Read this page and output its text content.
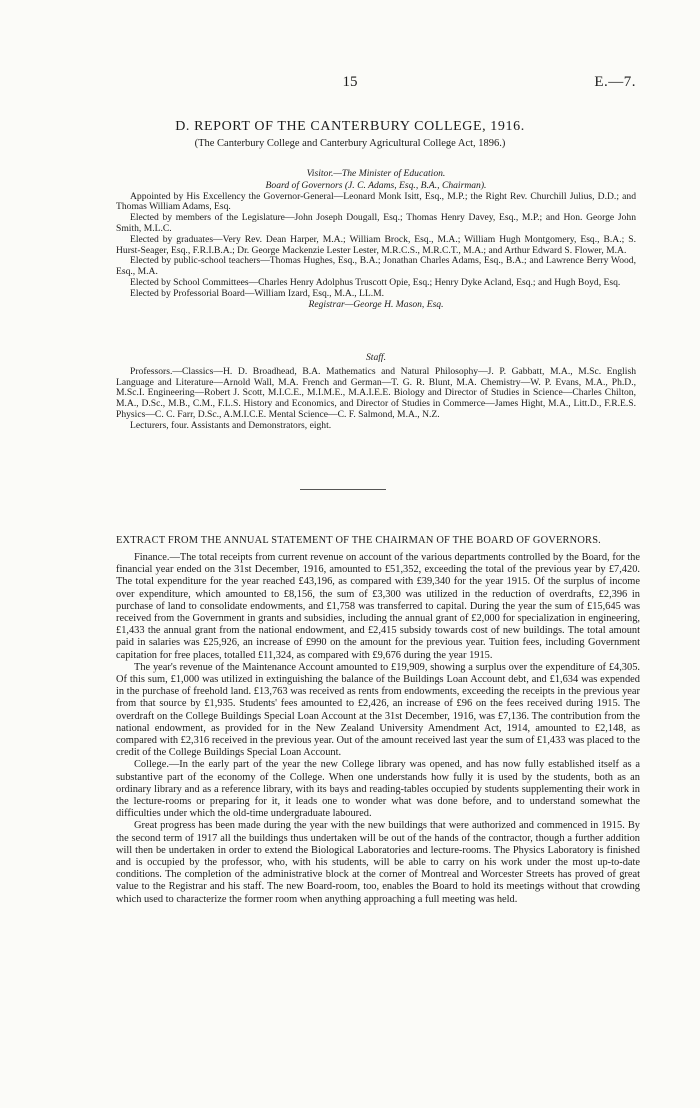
15	E.—7.
D. REPORT OF THE CANTERBURY COLLEGE, 1916.
(The Canterbury College and Canterbury Agricultural College Act, 1896.)

Visitor.—The Minister of Education.

Board of Governors (J. C. Adams, Esq., B.A., Chairman).

Appointed by His Excellency the Governor-General—Leonard Monk Isitt, Esq., M.P.; the Right Rev. Churchill Julius, D.D.; and Thomas William Adams, Esq.

Elected by members of the Legislature—John Joseph Dougall, Esq.; Thomas Henry Davey, Esq., M.P.; and Hon. George John Smith, M.L.C.

Elected by graduates—Very Rev. Dean Harper, M.A.; William Brock, Esq., M.A.; William Hugh Montgomery, Esq., B.A.; S. Hurst-Seager, Esq., F.R.I.B.A.; Dr. George Mackenzie Lester Lester, M.R.C.S., M.R.C.T., M.A.; and Arthur Edward S. Flower, M.A.

Elected by public-school teachers—Thomas Hughes, Esq., B.A.; Jonathan Charles Adams, Esq., B.A.; and Lawrence Berry Wood, Esq., M.A.

Elected by School Committees—Charles Henry Adolphus Truscott Opie, Esq.; Henry Dyke Acland, Esq.; and Hugh Boyd, Esq.

Elected by Professorial Board—William Izard, Esq., M.A., LL.M.

Registrar—George H. Mason, Esq.

Staff.

Professors.—Classics—H. D. Broadhead, B.A. Mathematics and Natural Philosophy—J. P. Gabbatt, M.A., M.Sc. English Language and Literature—Arnold Wall, M.A. French and German—T. G. R. Blunt, M.A. Chemistry—W. P. Evans, M.A., Ph.D., M.Sc.I. Engineering—Robert J. Scott, M.I.C.E., M.I.M.E., M.A.I.E.E. Biology and Director of Studies in Science—Charles Chilton, M.A., D.Sc., M.B., C.M., F.L.S. History and Economics, and Director of Studies in Commerce—James Hight, M.A., Litt.D., F.R.E.S. Physics—C. C. Farr, D.Sc., A.M.I.C.E. Mental Science—C. F. Salmond, M.A., N.Z.

Lecturers, four. Assistants and Demonstrators, eight.

EXTRACT FROM THE ANNUAL STATEMENT OF THE CHAIRMAN OF THE BOARD OF GOVERNORS.

Finance.—The total receipts from current revenue on account of the various departments controlled by the Board, for the financial year ended on the 31st December, 1916, amounted to £51,352, exceeding the total of the previous year by £7,420. The total expenditure for the year reached £43,196, as compared with £39,340 for the year 1915. Of the surplus of income over expenditure, which amounted to £8,156, the sum of £3,300 was utilized in the reduction of overdrafts, £2,396 in purchase of land to consolidate endowments, and £1,758 was transferred to capital. During the year the sum of £15,645 was received from the Government in grants and subsidies, including the annual grant of £2,000 for specialization in engineering, £1,433 the annual grant from the national endowment, and £2,415 subsidy towards cost of new buildings. The total amount paid in salaries was £25,926, an increase of £990 on the amount for the previous year. Tuition fees, including Government capitation for free places, totalled £11,324, as compared with £9,676 during the year 1915.

The year's revenue of the Maintenance Account amounted to £19,909, showing a surplus over the expenditure of £4,305. Of this sum, £1,000 was utilized in extinguishing the balance of the Buildings Loan Account debt, and £1,634 was expended in the purchase of freehold land. £13,763 was received as rents from endowments, exceeding the receipts in the previous year from that source by £1,935. Students' fees amounted to £2,426, an increase of £96 on the fees received during 1915. The overdraft on the College Buildings Special Loan Account at the 31st December, 1916, was £7,136. The contribution from the national endowment, as provided for in the New Zealand University Amendment Act, 1914, amounted to £2,148, as compared with £2,316 received in the previous year. Out of the amount received last year the sum of £1,433 was placed to the credit of the College Buildings Special Loan Account.

College.—In the early part of the year the new College library was opened, and has now fully established itself as a substantive part of the economy of the College. When one understands how fully it is used by the students, both as an ordinary library and as a reference library, with its bays and reading-tables occupied by students supplementing their work in the lecture-rooms or preparing for it, it leads one to wonder what was done before, and to understand somewhat the difficulties under which the old-time undergraduate laboured.

Great progress has been made during the year with the new buildings that were authorized and commenced in 1915. By the second term of 1917 all the buildings thus undertaken will be out of the hands of the contractor, though a further addition will then be undertaken in order to extend the Biological Laboratories and lecture-rooms. The Physics Laboratory is finished and is occupied by the professor, who, with his students, will be able to carry on his work under the most up-to-date conditions. The completion of the administrative block at the corner of Montreal and Worcester Streets has proved of great value to the Registrar and his staff. The new Board-room, too, enables the Board to hold its meetings without that crowding which used to characterize the former room when anything approaching a full meeting was held.
